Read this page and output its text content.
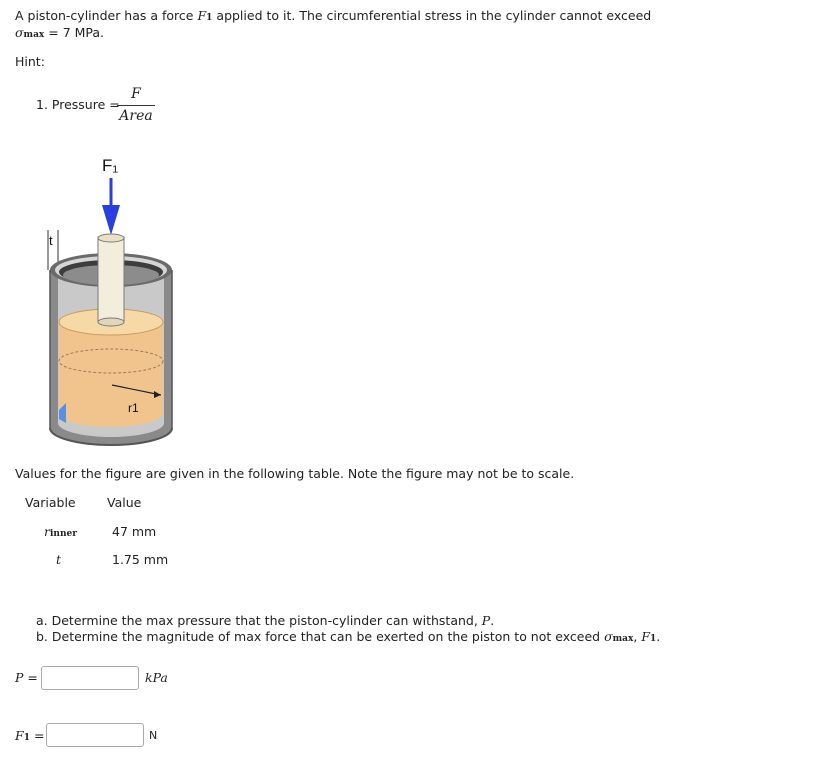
A piston-cylinder has a force F1 applied to it. The circumferential stress in the cylinder cannot exceed
σmax = 7 MPa.
Hint:
1. Pressure =
F
Area
F₁
t
r1
Values for the figure are given in the following table. Note the figure may not be to scale.
Variable	Value
rinner	47 mm
t	1.75 mm
a. Determine the max pressure that the piston-cylinder can withstand, P.
b. Determine the magnitude of max force that can be exerted on the piston to not exceed σmax, F1.
P =	kPa
F1 =	N
